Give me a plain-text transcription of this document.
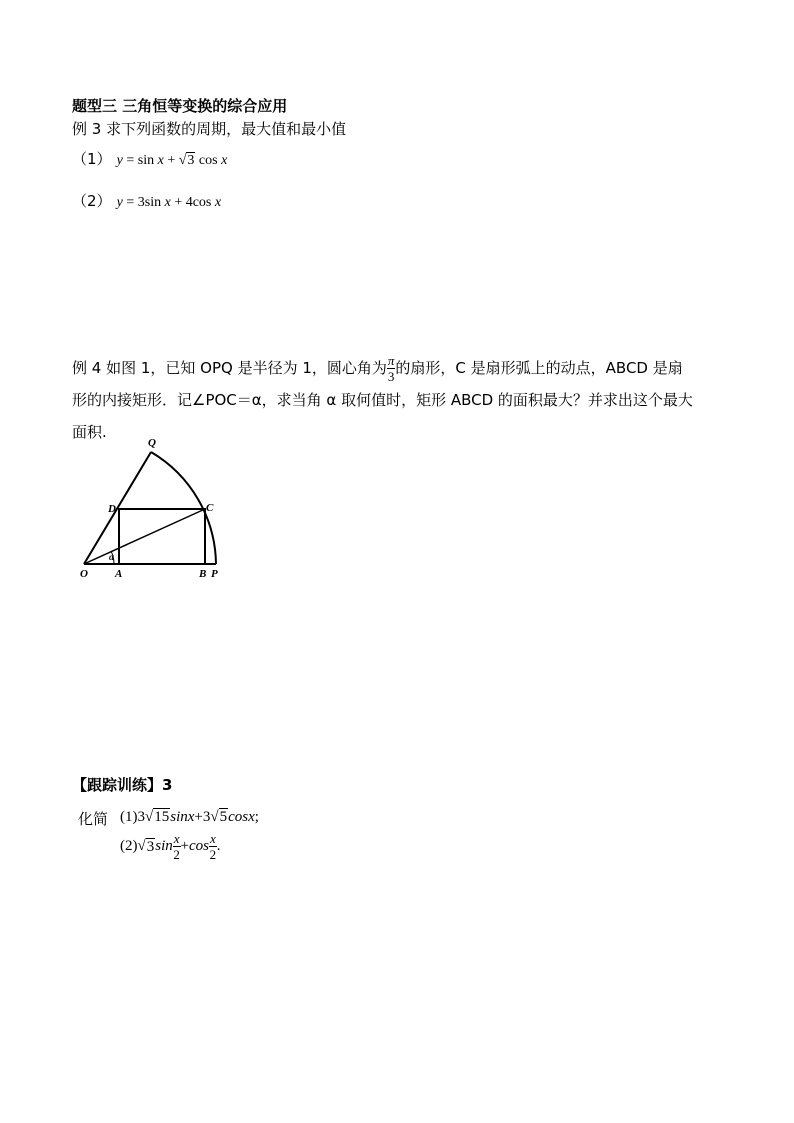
题型三 三角恒等变换的综合应用
例 3 求下列函数的周期，最大值和最小值
（1） y = sin x + √3 cos x
（2） y = 3sin x + 4cos x
例 4 如图 1，已知 OPQ 是半径为 1，圆心角为 $\frac{\pi}{3}$ 的扇形，C 是扇形弧上的动点，ABCD 是扇
形的内接矩形．记∠POC＝α，求当角 α 取何值时，矩形 ABCD 的面积最大？并求出这个最大
面积.
O A	B P
C
D
Q
α
【跟踪训练】3
化简 (1)3√15sinx+3√5cosx;
$(2)√3\sin \frac{x}{2} +\cos \frac{x}{2}$ .
